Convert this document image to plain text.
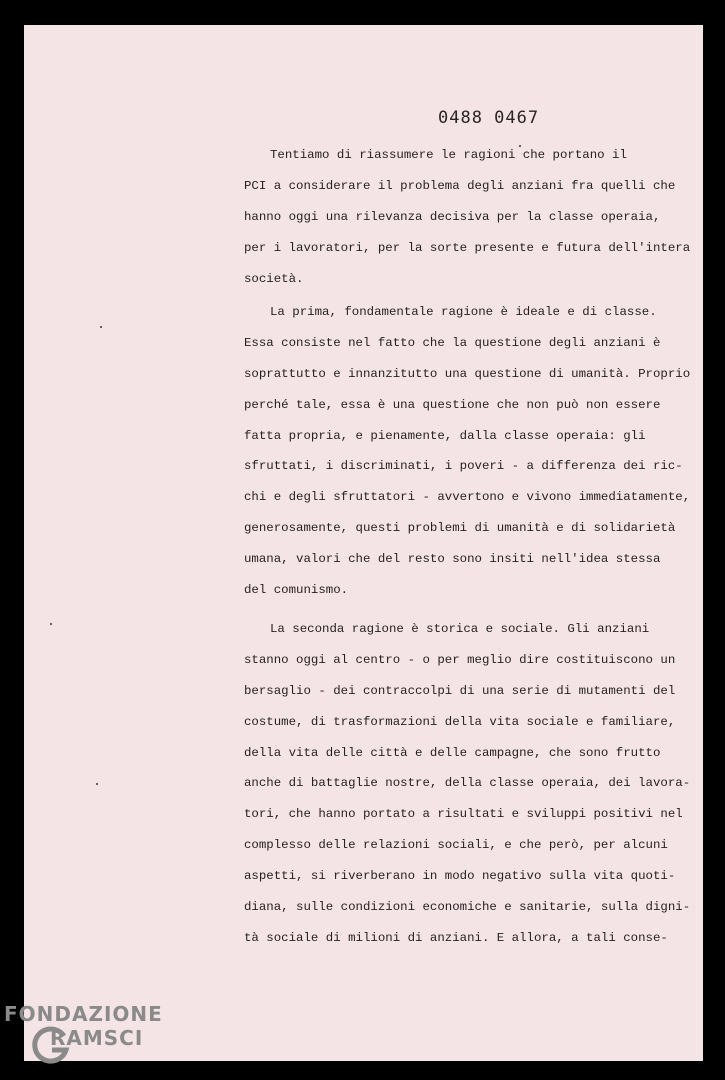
0488 0467
Tentiamo di riassumere le ragioni che portano il
PCI a considerare il problema degli anziani fra quelli che
hanno oggi una rilevanza decisiva per la classe operaia,
per i lavoratori, per la sorte presente e futura dell'intera
società.
La prima, fondamentale ragione è ideale e di classe.
Essa consiste nel fatto che la questione degli anziani è
soprattutto e innanzitutto una questione di umanità. Proprio
perché tale, essa è una questione che non può non essere
fatta propria, e pienamente, dalla classe operaia: gli
sfruttati, i discriminati, i poveri - a differenza dei ric-
chi e degli sfruttatori - avvertono e vivono immediatamente,
generosamente, questi problemi di umanità e di solidarietà
umana, valori che del resto sono insiti nell'idea stessa
del comunismo.
La seconda ragione è storica e sociale. Gli anziani
stanno oggi al centro - o per meglio dire costituiscono un
bersaglio - dei contraccolpi di una serie di mutamenti del
costume, di trasformazioni della vita sociale e familiare,
della vita delle città e delle campagne, che sono frutto
anche di battaglie nostre, della classe operaia, dei lavora-
tori, che hanno portato a risultati e sviluppi positivi nel
complesso delle relazioni sociali, e che però, per alcuni
aspetti, si riverberano in modo negativo sulla vita quoti-
diana, sulle condizioni economiche e sanitarie, sulla digni-
tà sociale di milioni di anziani. E allora, a tali conse-
FONDAZIONE
RAMSCI
